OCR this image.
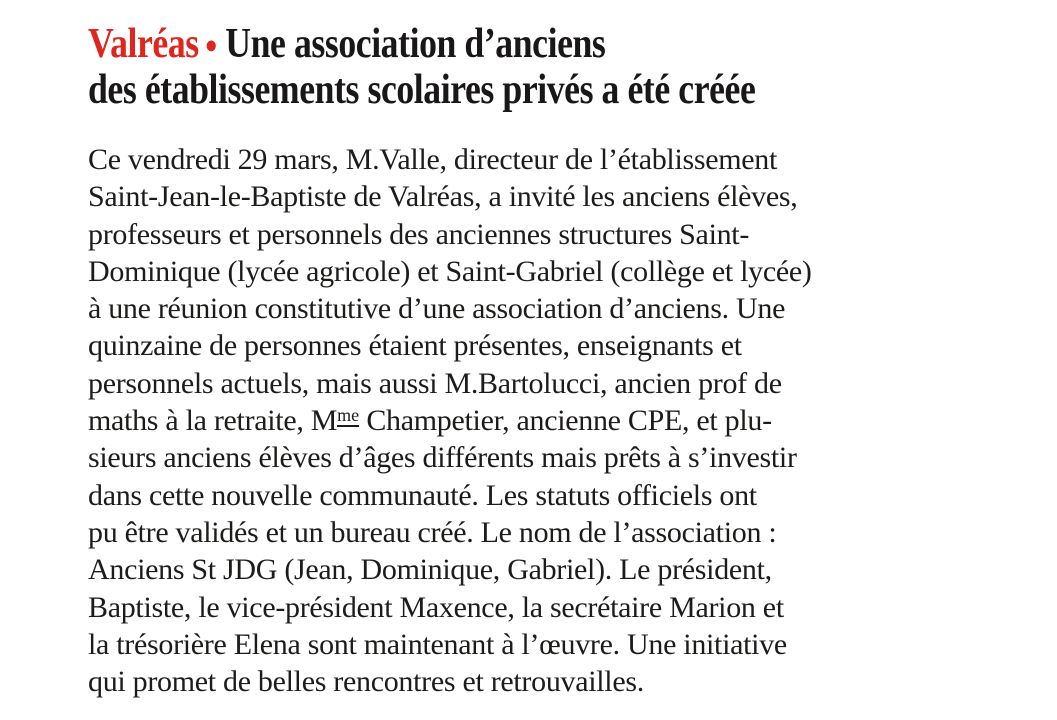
Valréas ● Une association d’anciens
des établissements scolaires privés a été créée
Ce vendredi 29 mars, M.Valle, directeur de l’établissement
Saint-Jean-le-Baptiste de Valréas, a invité les anciens élèves,
professeurs et personnels des anciennes structures Saint-
Dominique (lycée agricole) et Saint-Gabriel (collège et lycée)
à une réunion constitutive d’une association d’anciens. Une
quinzaine de personnes étaient présentes, enseignants et
personnels actuels, mais aussi M.Bartolucci, ancien prof de
maths à la retraite, $M^{me}$ Champetier, ancienne CPE, et plu-
sieurs anciens élèves d’âges différents mais prêts à s’investir
dans cette nouvelle communauté. Les statuts officiels ont
pu être validés et un bureau créé. Le nom de l’association :
Anciens St JDG (Jean, Dominique, Gabriel). Le président,
Baptiste, le vice-président Maxence, la secrétaire Marion et
la trésorière Elena sont maintenant à l’œuvre. Une initiative
qui promet de belles rencontres et retrouvailles.
